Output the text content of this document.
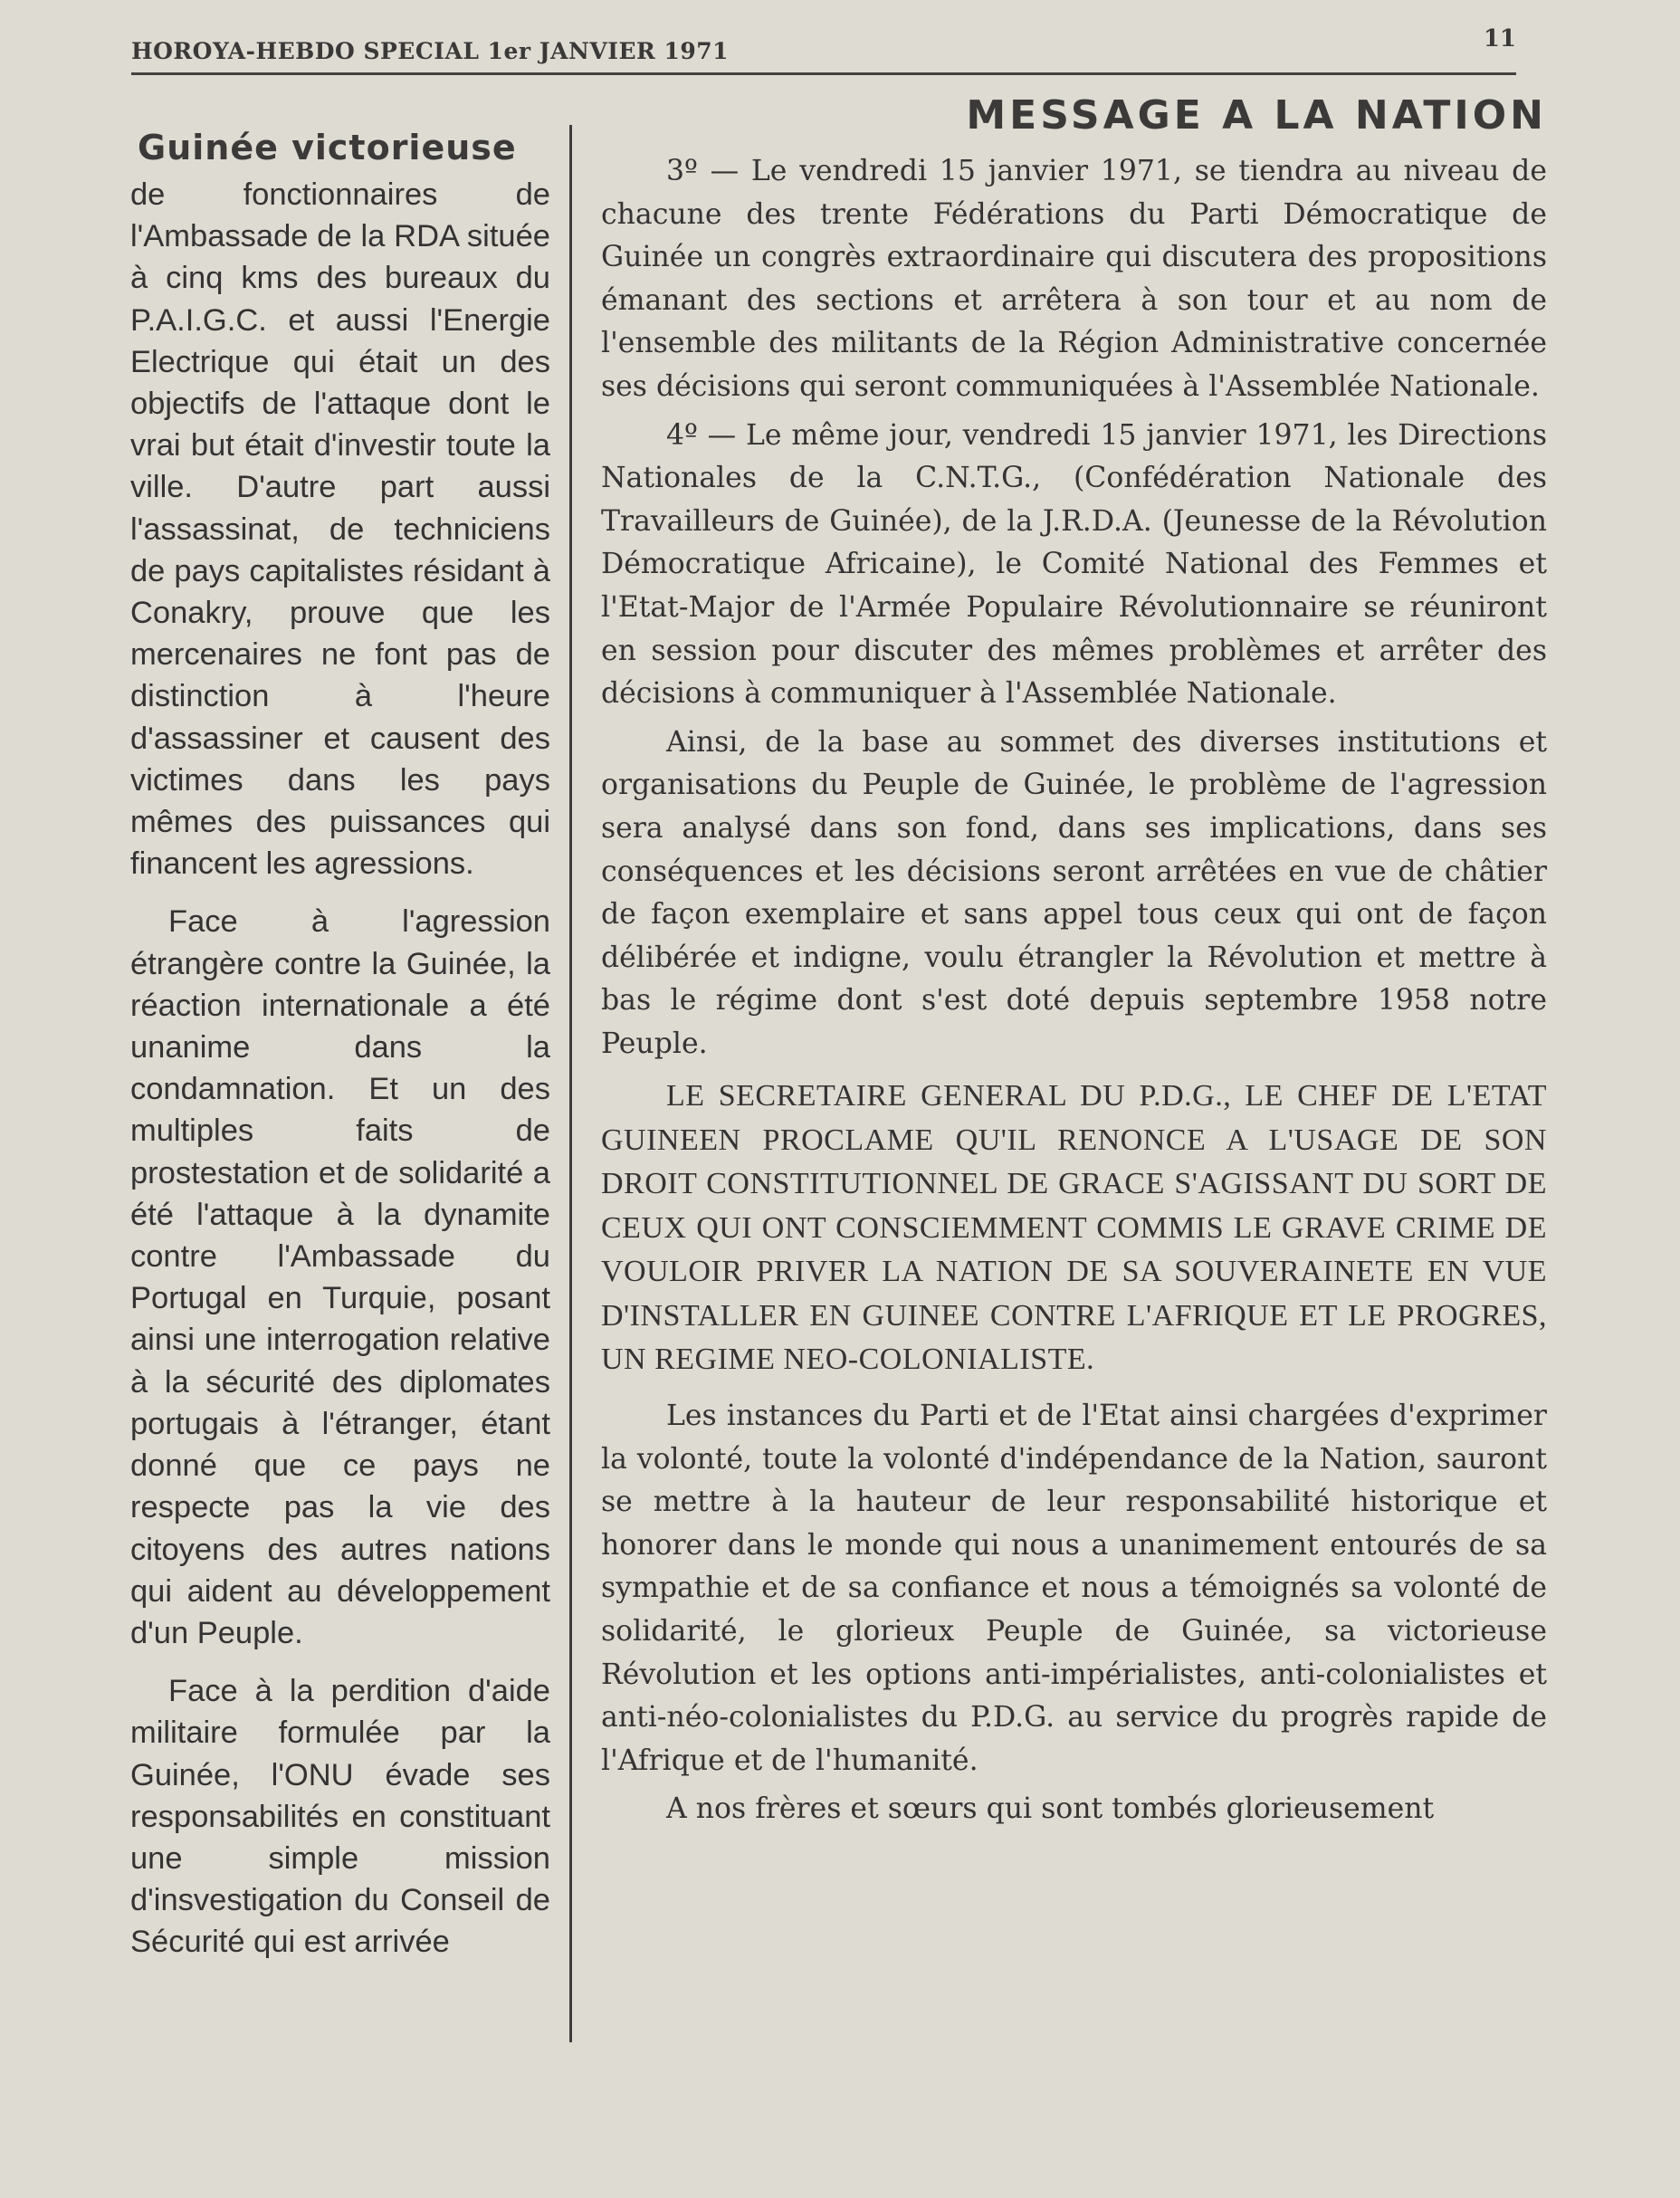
HOROYA-HEBDO SPECIAL 1er JANVIER 1971	11
Guinée victorieuse

de fonctionnaires de l'Ambassade de la RDA située à cinq kms des bureaux du P.A.I.G.C. et aussi l'Energie Electrique qui était un des objectifs de l'attaque dont le vrai but était d'investir toute la ville. D'autre part aussi l'assassinat, de techniciens de pays capitalistes résidant à Conakry, prouve que les mercenaires ne font pas de distinction à l'heure d'assassiner et causent des victimes dans les pays mêmes des puissances qui financent les agressions.

Face à l'agression étrangère contre la Guinée, la réaction internationale a été unanime dans la condamnation. Et un des multiples faits de prostestation et de solidarité a été l'attaque à la dynamite contre l'Ambassade du Portugal en Turquie, posant ainsi une interrogation relative à la sécurité des diplomates portugais à l'étranger, étant donné que ce pays ne respecte pas la vie des citoyens des autres nations qui aident au développement d'un Peuple.

Face à la perdition d'aide militaire formulée par la Guinée, l'ONU évade ses responsabilités en constituant une simple mission d'insvestigation du Conseil de Sécurité qui est arrivée

MESSAGE A LA NATION

3º — Le vendredi 15 janvier 1971, se tiendra au niveau de chacune des trente Fédérations du Parti Démocratique de Guinée un congrès extraordinaire qui discutera des propositions émanant des sections et arrêtera à son tour et au nom de l'ensemble des militants de la Région Administrative concernée ses décisions qui seront communiquées à l'Assemblée Nationale.

4º — Le même jour, vendredi 15 janvier 1971, les Directions Nationales de la C.N.T.G., (Confédération Nationale des Travailleurs de Guinée), de la J.R.D.A. (Jeunesse de la Révolution Démocratique Africaine), le Comité National des Femmes et l'Etat-Major de l'Armée Populaire Révolutionnaire se réuniront en session pour discuter des mêmes problèmes et arrêter des décisions à communiquer à l'Assemblée Nationale.

Ainsi, de la base au sommet des diverses institutions et organisations du Peuple de Guinée, le problème de l'agression sera analysé dans son fond, dans ses implications, dans ses conséquences et les décisions seront arrêtées en vue de châtier de façon exemplaire et sans appel tous ceux qui ont de façon délibérée et indigne, voulu étrangler la Révolution et mettre à bas le régime dont s'est doté depuis septembre 1958 notre Peuple.

LE SECRETAIRE GENERAL DU P.D.G., LE CHEF DE L'ETAT GUINEEN PROCLAME QU'IL RENONCE A L'USAGE DE SON DROIT CONSTITUTIONNEL DE GRACE S'AGISSANT DU SORT DE CEUX QUI ONT CONSCIEMMENT COMMIS LE GRAVE CRIME DE VOULOIR PRIVER LA NATION DE SA SOUVERAINETE EN VUE D'INSTALLER EN GUINEE CONTRE L'AFRIQUE ET LE PROGRES, UN REGIME NEO-COLONIALISTE.

Les instances du Parti et de l'Etat ainsi chargées d'exprimer la volonté, toute la volonté d'indépendance de la Nation, sauront se mettre à la hauteur de leur responsabilité historique et honorer dans le monde qui nous a unanimement entourés de sa sympathie et de sa confiance et nous a témoignés sa volonté de solidarité, le glorieux Peuple de Guinée, sa victorieuse Révolution et les options anti-impérialistes, anti-colonialistes et anti-néo-colonialistes du P.D.G. au service du progrès rapide de l'Afrique et de l'humanité.

A nos frères et sœurs qui sont tombés glorieusement
